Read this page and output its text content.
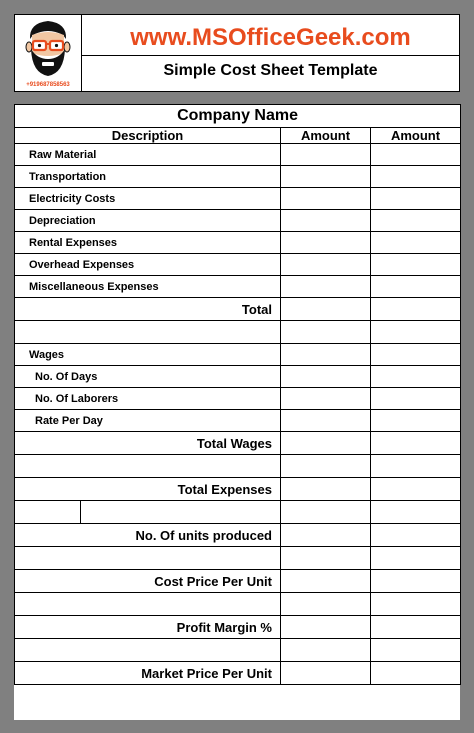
+919687858563
www.MSOfficeGeek.com
Simple Cost Sheet Template
Company Name			
Description		Amount	Amount
Raw Material			
Transportation			
Electricity Costs			
Depreciation			
Rental Expenses			
Overhead Expenses			
Miscellaneous Expenses			
Total			

Wages			
No. Of Days			
No. Of Laborers			
Rate Per Day			
Total Wages			

Total Expenses			

No. Of units produced			

Cost Price Per Unit			

Profit Margin %			

Market Price Per Unit			
